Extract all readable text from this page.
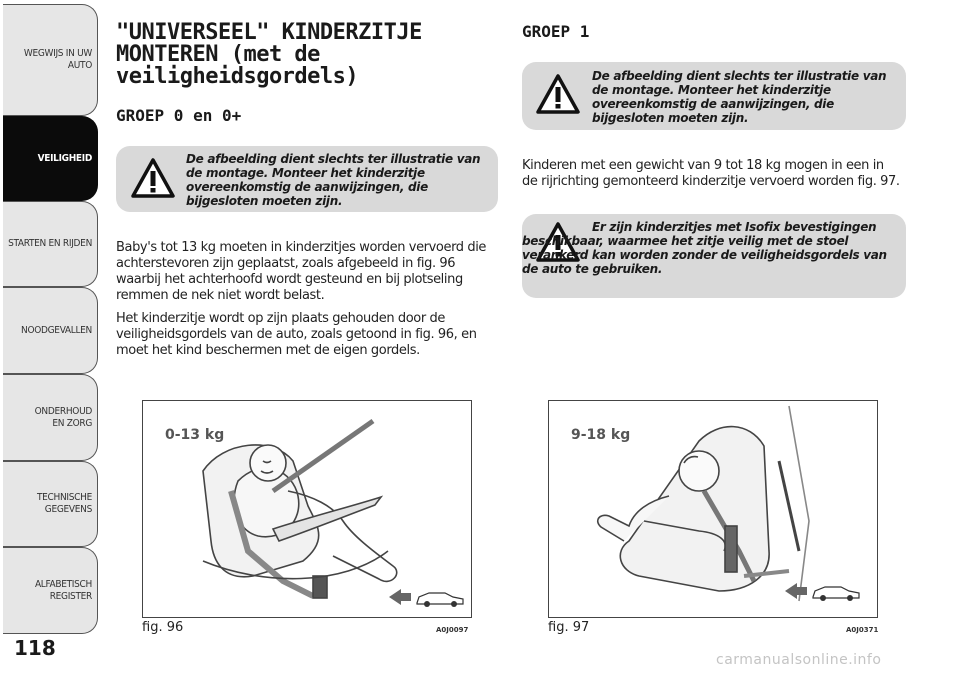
WEGWIJS IN UW AUTO
VEILIGHEID
STARTEN EN RIJDEN
NOODGEVALLEN
ONDERHOUD EN ZORG
TECHNISCHE GEGEVENS
ALFABETISCH REGISTER
118
"UNIVERSEEL" KINDERZITJE MONTEREN (met de veiligheidsgordels)
GROEP 0 en 0+
De afbeelding dient slechts ter illustratie van de montage. Monteer het kinderzitje overeenkomstig de aanwijzingen, die bijgesloten moeten zijn.

Baby's tot 13 kg moeten in kinderzitjes worden vervoerd die achterstevoren zijn geplaatst, zoals afgebeeld in fig. 96 waarbij het achterhoofd wordt gesteund en bij plotseling remmen de nek niet wordt belast.

Het kinderzitje wordt op zijn plaats gehouden door de veiligheidsgordels van de auto, zoals getoond in fig. 96, en moet het kind beschermen met de eigen gordels.

0-13 kg
fig. 96	A0J0097
GROEP 1
De afbeelding dient slechts ter illustratie van de montage. Monteer het kinderzitje overeenkomstig de aanwijzingen, die bijgesloten moeten zijn.

Kinderen met een gewicht van 9 tot 18 kg mogen in een in de rijrichting gemonteerd kinderzitje vervoerd worden fig. 97.

Er zijn kinderzitjes met Isofix bevestigingen beschikbaar, waarmee het zitje veilig met de stoel verankerd kan worden zonder de veiligheidsgordels van de auto te gebruiken.
9-18 kg
fig. 97	A0J0371
carmanualsonline.info
